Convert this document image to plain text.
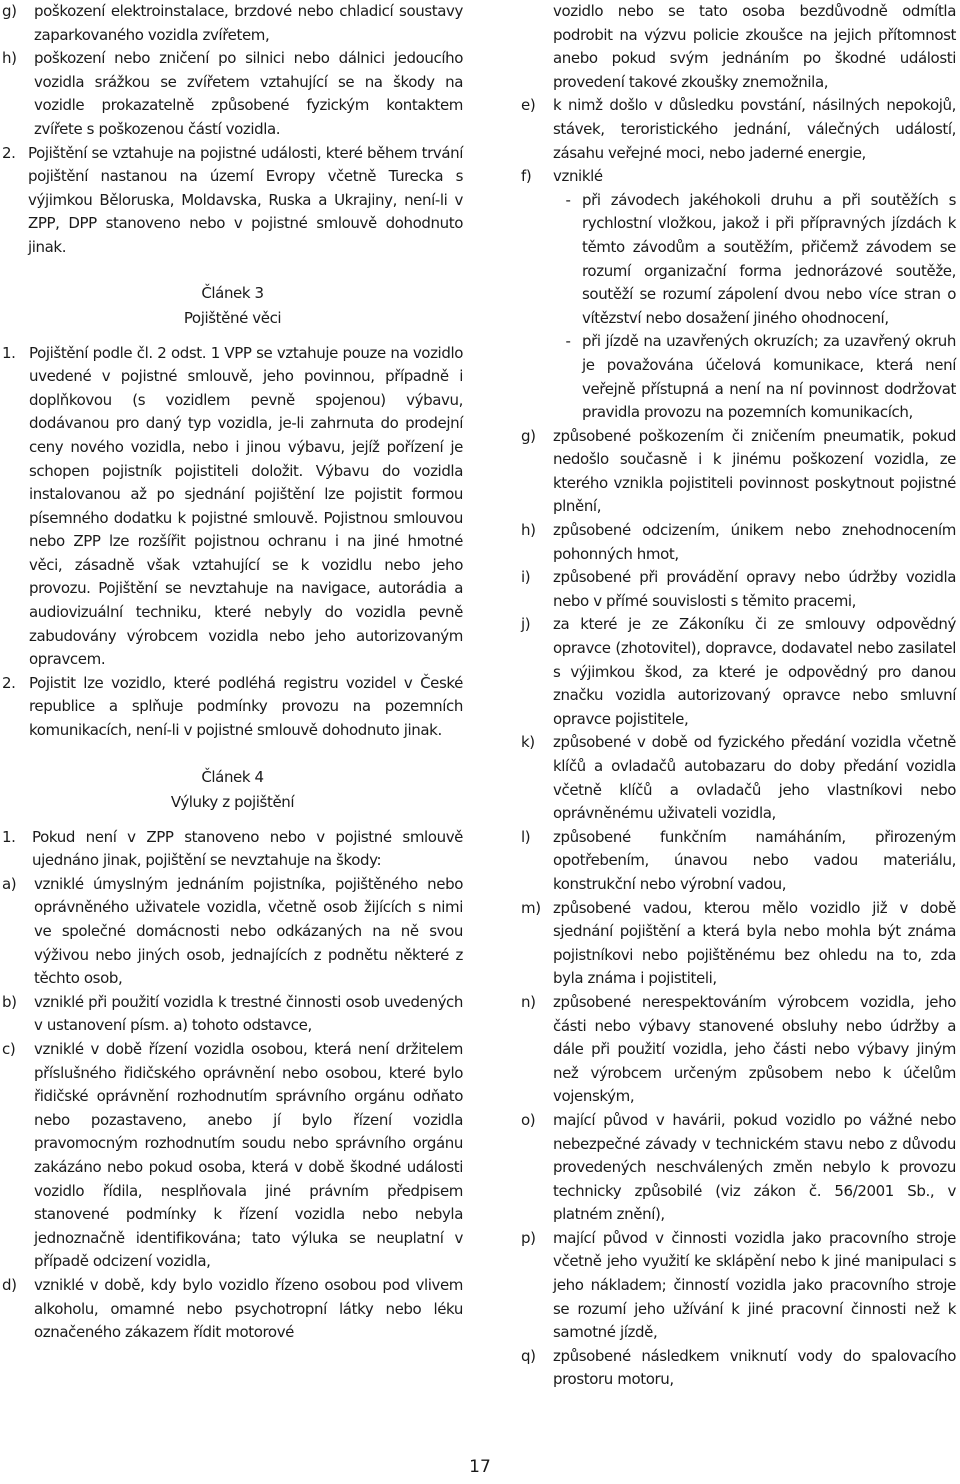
g)	poškození elektroinstalace, brzdové nebo chladicí soustavy zaparkovaného vozidla zvířetem,
h)	poškození nebo zničení po silnici nebo dálnici jedoucího vozidla srážkou se zvířetem vztahující se na škody na vozidle prokazatelně způsobené fyzickým kontaktem zvířete s poškozenou částí vozidla.
2. Pojištění se vztahuje na pojistné události, které během trvání pojištění nastanou na území Evropy včetně Turecka s výjimkou Běloruska, Moldavska, Ruska a Ukrajiny, není-li v ZPP, DPP stanoveno nebo v pojistné smlouvě dohodnuto jinak.
Článek 3
Pojištěné věci
1. Pojištění podle čl. 2 odst. 1 VPP se vztahuje pouze na vozidlo uvedené v pojistné smlouvě, jeho povinnou, případně i doplňkovou (s vozidlem pevně spojenou) výbavu, dodávanou pro daný typ vozidla, je-li zahrnuta do prodejní ceny nového vozidla, nebo i jinou výbavu, jejíž pořízení je schopen pojistník pojistiteli doložit. Výbavu do vozidla instalovanou až po sjednání pojištění lze pojistit formou písemného dodatku k pojistné smlouvě. Pojistnou smlouvou nebo ZPP lze rozšířit pojistnou ochranu i na jiné hmotné věci, zásadně však vztahující se k vozidlu nebo jeho provozu. Pojištění se nevztahuje na navigace, autorádia a audiovizuální techniku, které nebyly do vozidla pevně zabudovány výrobcem vozidla nebo jeho autorizovaným opravcem.
2. Pojistit lze vozidlo, které podléhá registru vozidel v České republice a splňuje podmínky provozu na pozemních komunikacích, není-li v pojistné smlouvě dohodnuto jinak.
Článek 4
Výluky z pojištění
1.	Pokud není v ZPP stanoveno nebo v pojistné smlouvě ujednáno jinak, pojištění se nevztahuje na škody:
a)	vzniklé úmyslným jednáním pojistníka, pojištěného nebo oprávněného uživatele vozidla, včetně osob žijících s nimi ve společné domácnosti nebo odkázaných na ně svou výživou nebo jiných osob, jednajících z podnětu některé z těchto osob,
b)	vzniklé při použití vozidla k trestné činnosti osob uvedených v ustanovení písm. a) tohoto odstavce,
c)	vzniklé v době řízení vozidla osobou, která není držitelem příslušného řidičského oprávnění nebo osobou, které bylo řidičské oprávnění rozhodnutím správního orgánu odňato nebo pozastaveno, anebo jí bylo řízení vozidla pravomocným rozhodnutím soudu nebo správního orgánu zakázáno nebo pokud osoba, která v době škodné události vozidlo řídila, nesplňovala jiné právním předpisem stanovené podmínky k řízení vozidla nebo nebyla jednoznačně identifikována; tato výluka se neuplatní v případě odcizení vozidla,
d)	vzniklé v době, kdy bylo vozidlo řízeno osobou pod vlivem alkoholu, omamné nebo psychotropní látky nebo léku označeného zákazem řídit motorové
vozidlo nebo se tato osoba bezdůvodně odmítla podrobit na výzvu policie zkoušce na jejich přítomnost anebo pokud svým jednáním po škodné události provedení takové zkoušky znemožnila,
e)	k nimž došlo v důsledku povstání, násilných nepokojů, stávek, teroristického jednání, válečných událostí, zásahu veřejné moci, nebo jaderné energie,
f)	vzniklé
- při závodech jakéhokoli druhu a při soutěžích s rychlostní vložkou, jakož i při přípravných jízdách k těmto závodům a soutěžím, přičemž závodem se rozumí organizační forma jednorázové soutěže, soutěží se rozumí zápolení dvou nebo více stran o vítězství nebo dosažení jiného ohodnocení,
- při jízdě na uzavřených okruzích; za uzavřený okruh je považována účelová komunikace, která není veřejně přístupná a není na ní povinnost dodržovat pravidla provozu na pozemních komunikacích,
g)	způsobené poškozením či zničením pneumatik, pokud nedošlo současně i k jinému poškození vozidla, ze kterého vznikla pojistiteli povinnost poskytnout pojistné plnění,
h)	způsobené odcizením, únikem nebo znehodnocením pohonných hmot,
i)	způsobené při provádění opravy nebo údržby vozidla nebo v přímé souvislosti s těmito pracemi,
j)	za které je ze Zákoníku či ze smlouvy odpovědný opravce (zhotovitel), dopravce, dodavatel nebo zasilatel s výjimkou škod, za které je odpovědný pro danou značku vozidla autorizovaný opravce nebo smluvní opravce pojistitele,
k)	způsobené v době od fyzického předání vozidla včetně klíčů a ovladačů autobazaru do doby předání vozidla včetně klíčů a ovladačů jeho vlastníkovi nebo oprávněnému uživateli vozidla,
l)	způsobené funkčním namáháním, přirozeným opotřebením, únavou nebo vadou materiálu, konstrukční nebo výrobní vadou,
m) způsobené vadou, kterou mělo vozidlo již v době sjednání pojištění a která byla nebo mohla být známa pojistníkovi nebo pojištěnému bez ohledu na to, zda byla známa i pojistiteli,
n)	způsobené nerespektováním výrobcem vozidla, jeho části nebo výbavy stanovené obsluhy nebo údržby a dále při použití vozidla, jeho části nebo výbavy jiným než výrobcem určeným způsobem nebo k účelům vojenským,
o)	mající původ v havárii, pokud vozidlo po vážné nebo nebezpečné závady v technickém stavu nebo z důvodu provedených neschválených změn nebylo k provozu technicky způsobilé (viz zákon č. 56/2001 Sb., v platném znění),
p)	mající původ v činnosti vozidla jako pracovního stroje včetně jeho využití ke sklápění nebo k jiné manipulaci s jeho nákladem; činností vozidla jako pracovního stroje se rozumí jeho užívání k jiné pracovní činnosti než k samotné jízdě,
q)	způsobené následkem vniknutí vody do spalovacího prostoru motoru,
17
